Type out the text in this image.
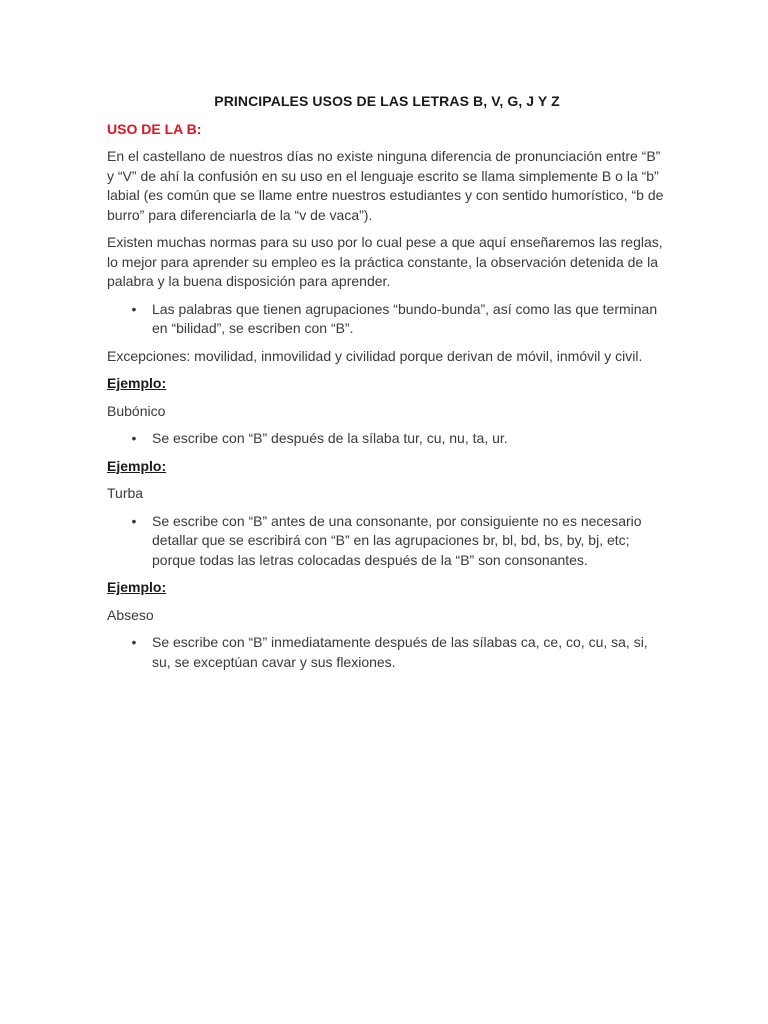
PRINCIPALES USOS DE LAS LETRAS B, V, G, J Y Z
USO DE LA B:

En el castellano de nuestros días no existe ninguna diferencia de pronunciación entre “B” y “V” de ahí la confusión en su uso en el lenguaje escrito se llama simplemente B o la “b” labial (es común que se llame entre nuestros estudiantes y con sentido humorístico, “b de burro” para diferenciarla de la “v de vaca”).

Existen muchas normas para su uso por lo cual pese a que aquí enseñaremos las reglas, lo mejor para aprender su empleo es la práctica constante, la observación detenida de la palabra y la buena disposición para aprender.

• Las palabras que tienen agrupaciones “bundo-bunda”, así como las que terminan en “bilidad”, se escriben con “B”.

Excepciones: movilidad, inmovilidad y civilidad porque derivan de móvil, inmóvil y civil.

Ejemplo:

Bubónico

• Se escribe con “B” después de la sílaba tur, cu, nu, ta, ur.
Ejemplo:

Turba

• Se escribe con “B” antes de una consonante, por consiguiente no es necesario detallar que se escribirá con “B” en las agrupaciones br, bl, bd, bs, by, bj, etc; porque todas las letras colocadas después de la “B” son consonantes.
Ejemplo:

Abseso

• Se escribe con “B” inmediatamente después de las sílabas ca, ce, co, cu, sa, si, su, se exceptúan cavar y sus flexiones.
